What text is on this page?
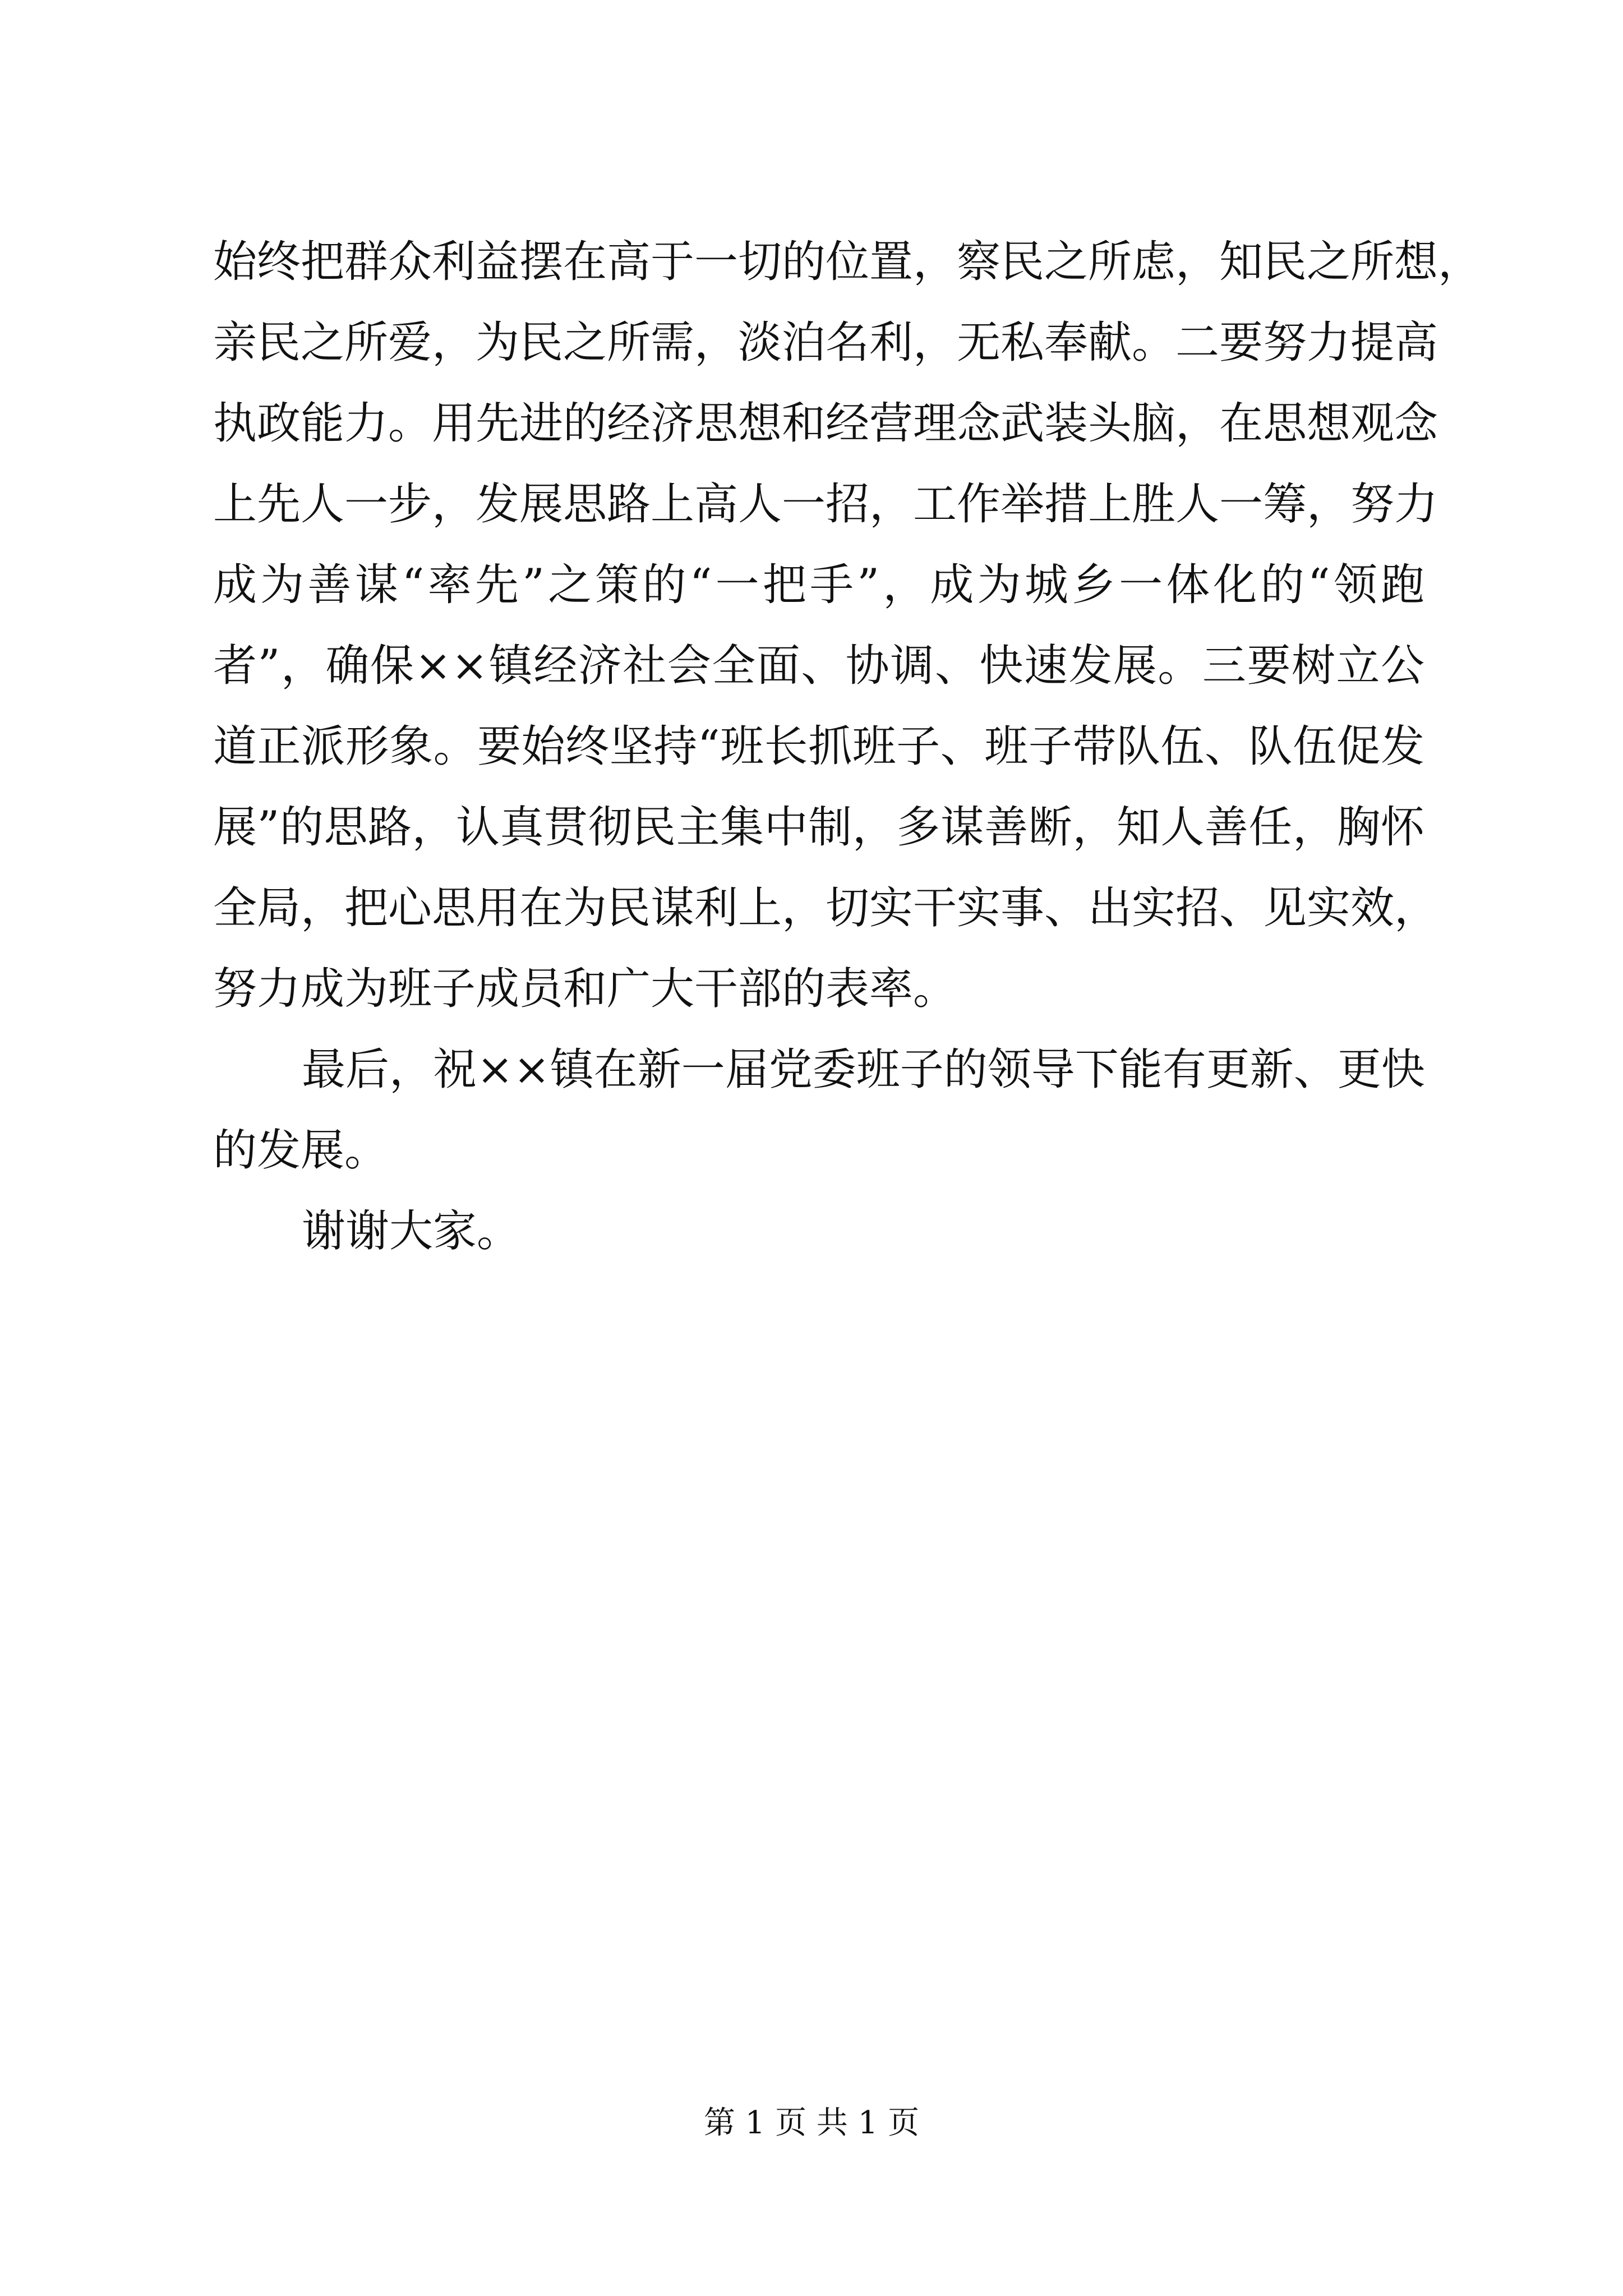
始终把群众利益摆在高于一切的位置，察民之所虑，知民之所想，
亲民之所爱，为民之所需，淡泊名利，无私奉献。二要努力提高
执政能力。用先进的经济思想和经营理念武装头脑，在思想观念
上先人一步，发展思路上高人一招，工作举措上胜人一筹，努力
成为善谋“率先”之策的“一把手”，成为城乡一体化的“领跑
者”，确保××镇经济社会全面、协调、快速发展。三要树立公
道正派形象。要始终坚持“班长抓班子、班子带队伍、队伍促发
展”的思路，认真贯彻民主集中制，多谋善断，知人善任，胸怀
全局，把心思用在为民谋利上，切实干实事、出实招、见实效，
努力成为班子成员和广大干部的表率。
最后，祝××镇在新一届党委班子的领导下能有更新、更快
的发展。
谢谢大家。
第 1 页 共 1 页
